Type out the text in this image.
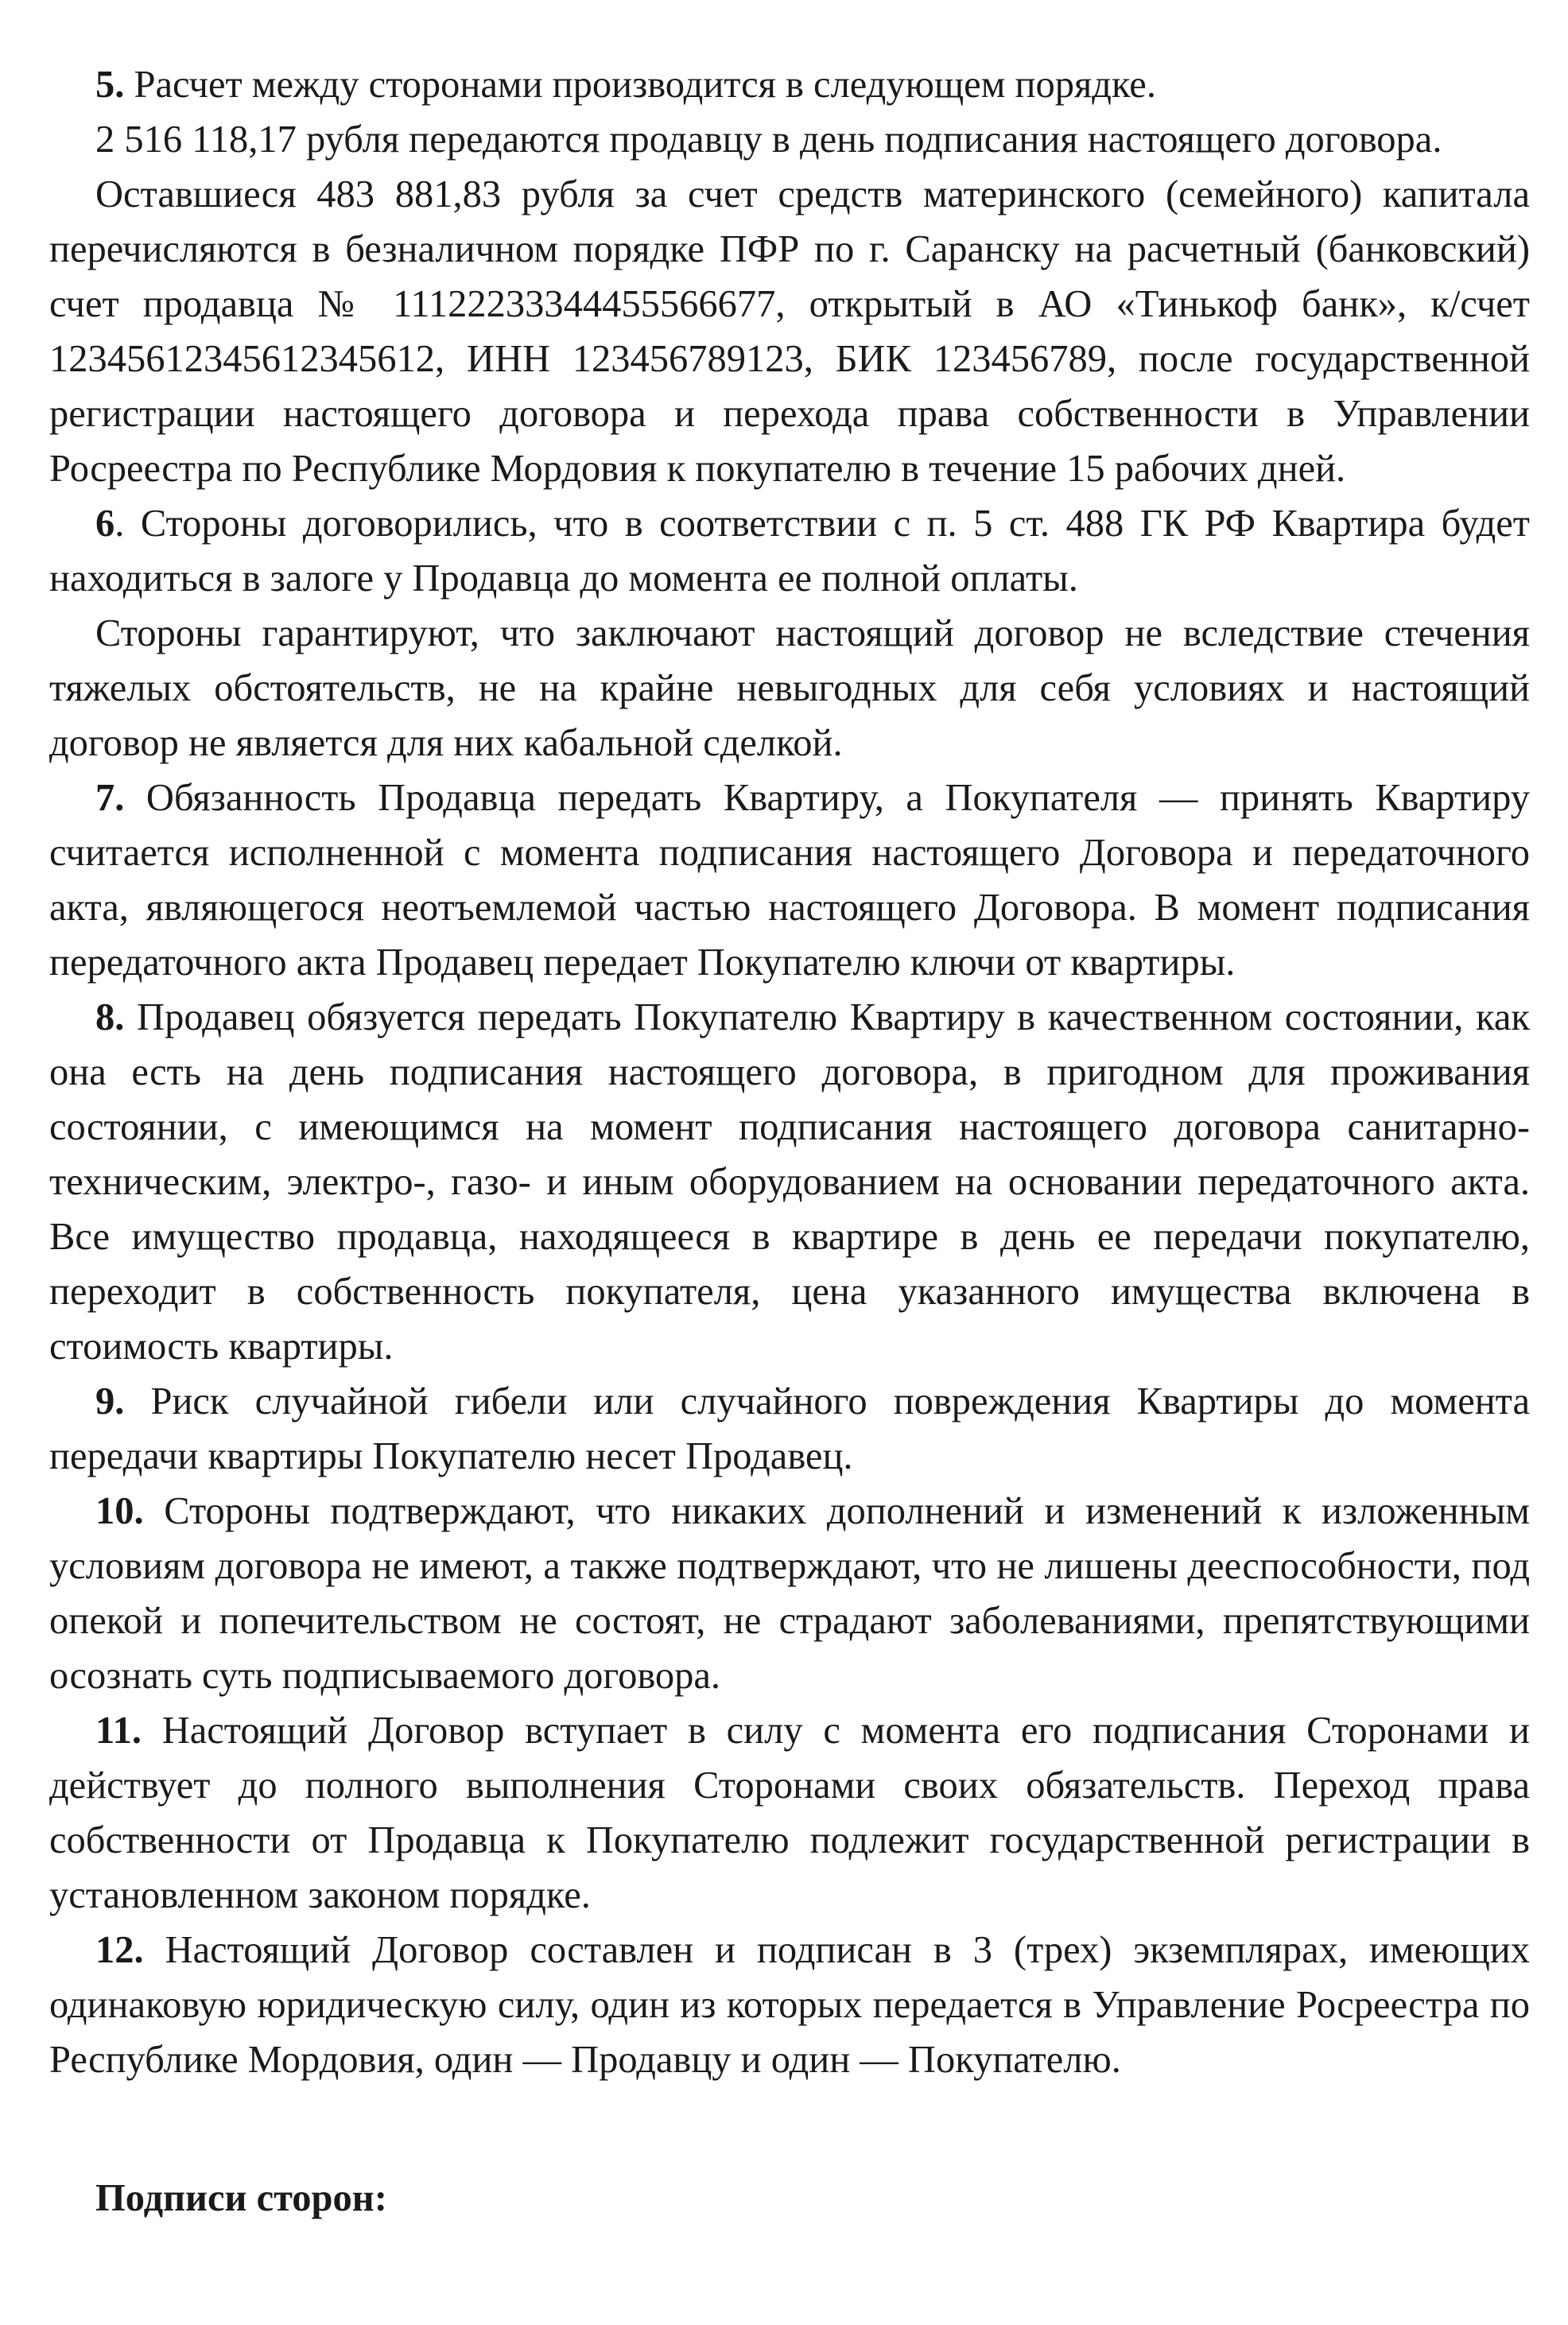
5. Расчет между сторонами производится в следующем порядке.

2 516 118,17 рубля передаются продавцу в день подписания настоящего договора.

Оставшиеся 483 881,83 рубля за счет средств материнского (семейного) капитала перечисляются в безналичном порядке ПФР по г. Саранску на расчетный (банковский) счет продавца № 11122233344455566677, открытый в АО «Тинькоф банк», к/счет 12345612345612345612, ИНН 123456789123, БИК 123456789, после государственной регистрации настоящего договора и перехода права собственности в Управлении Росреестра по Республике Мордовия к покупателю в течение 15 рабочих дней.

6. Стороны договорились, что в соответствии с п. 5 ст. 488 ГК РФ Квартира будет находиться в залоге у Продавца до момента ее полной оплаты.

Стороны гарантируют, что заключают настоящий договор не вследствие стечения тяжелых обстоятельств, не на крайне невыгодных для себя условиях и настоящий договор не является для них кабальной сделкой.

7. Обязанность Продавца передать Квартиру, а Покупателя — принять Квартиру считается исполненной с момента подписания настоящего Договора и передаточного акта, являющегося неотъемлемой частью настоящего Договора. В момент подписания передаточного акта Продавец передает Покупателю ключи от квартиры.

8. Продавец обязуется передать Покупателю Квартиру в качественном состоянии, как она есть на день подписания настоящего договора, в пригодном для проживания состоянии, с имеющимся на момент подписания настоящего договора санитарно-техническим, электро-, газо- и иным оборудованием на основании передаточного акта. Все имущество продавца, находящееся в квартире в день ее передачи покупателю, переходит в собственность покупателя, цена указанного имущества включена в стоимость квартиры.

9. Риск случайной гибели или случайного повреждения Квартиры до момента передачи квартиры Покупателю несет Продавец.

10. Стороны подтверждают, что никаких дополнений и изменений к изложенным условиям договора не имеют, а также подтверждают, что не лишены дееспособности, под опекой и попечительством не состоят, не страдают заболеваниями, препятствующими осознать суть подписываемого договора.

11. Настоящий Договор вступает в силу с момента его подписания Сторонами и действует до полного выполнения Сторонами своих обязательств. Переход права собственности от Продавца к Покупателю подлежит государственной регистрации в установленном законом порядке.

12. Настоящий Договор составлен и подписан в 3 (трех) экземплярах, имеющих одинаковую юридическую силу, один из которых передается в Управление Росреестра по Республике Мордовия, один — Продавцу и один — Покупателю.

Подписи сторон:
